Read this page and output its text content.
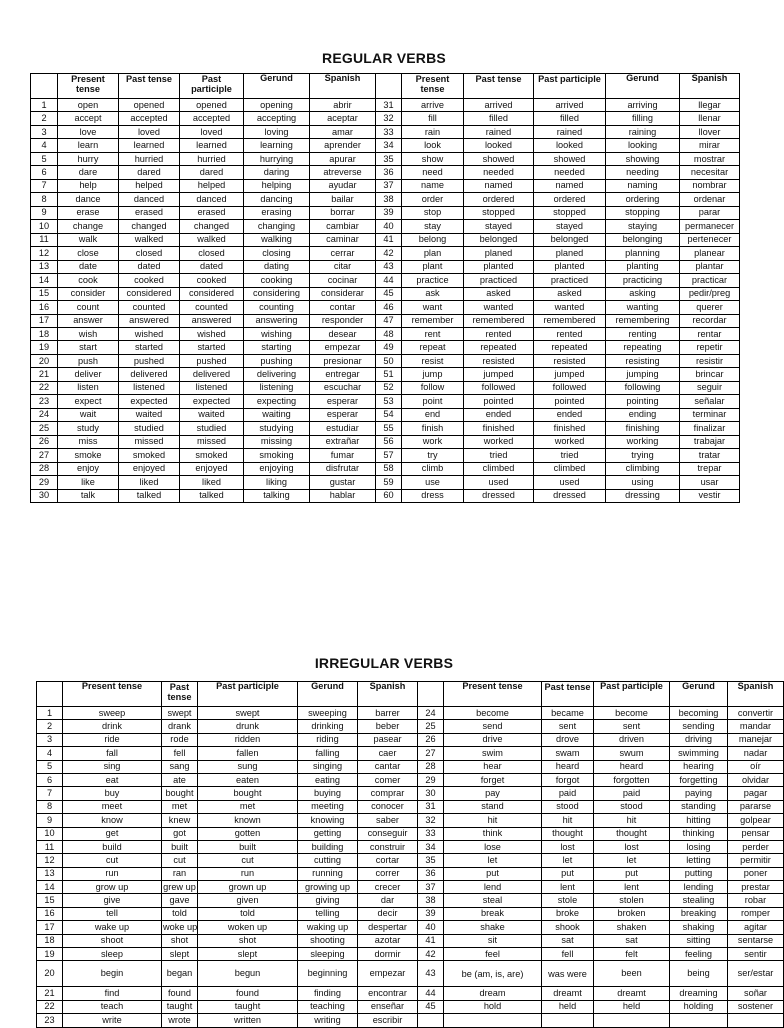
REGULAR VERBS
	Present tense	Past tense	Past participle	Gerund	Spanish		Present tense	Past tense	Past participle	Gerund	Spanish
1	open	opened	opened	opening	abrir	31	arrive	arrived	arrived	arriving	llegar
2	accept	accepted	accepted	accepting	aceptar	32	fill	filled	filled	filling	llenar
3	love	loved	loved	loving	amar	33	rain	rained	rained	raining	llover
4	learn	learned	learned	learning	aprender	34	look	looked	looked	looking	mirar
5	hurry	hurried	hurried	hurrying	apurar	35	show	showed	showed	showing	mostrar
6	dare	dared	dared	daring	atreverse	36	need	needed	needed	needing	necesitar
7	help	helped	helped	helping	ayudar	37	name	named	named	naming	nombrar
8	dance	danced	danced	dancing	bailar	38	order	ordered	ordered	ordering	ordenar
9	erase	erased	erased	erasing	borrar	39	stop	stopped	stopped	stopping	parar
10	change	changed	changed	changing	cambiar	40	stay	stayed	stayed	staying	permanecer
11	walk	walked	walked	walking	caminar	41	belong	belonged	belonged	belonging	pertenecer
12	close	closed	closed	closing	cerrar	42	plan	planed	planed	planning	planear
13	date	dated	dated	dating	citar	43	plant	planted	planted	planting	plantar
14	cook	cooked	cooked	cooking	cocinar	44	practice	practiced	practiced	practicing	practicar
15	consider	considered	considered	considering	considerar	45	ask	asked	asked	asking	pedir/preg
16	count	counted	counted	counting	contar	46	want	wanted	wanted	wanting	querer
17	answer	answered	answered	answering	responder	47	remember	remembered	remembered	remembering	recordar
18	wish	wished	wished	wishing	desear	48	rent	rented	rented	renting	rentar
19	start	started	started	starting	empezar	49	repeat	repeated	repeated	repeating	repetir
20	push	pushed	pushed	pushing	presionar	50	resist	resisted	resisted	resisting	resistir
21	deliver	delivered	delivered	delivering	entregar	51	jump	jumped	jumped	jumping	brincar
22	listen	listened	listened	listening	escuchar	52	follow	followed	followed	following	seguir
23	expect	expected	expected	expecting	esperar	53	point	pointed	pointed	pointing	señalar
24	wait	waited	waited	waiting	esperar	54	end	ended	ended	ending	terminar
25	study	studied	studied	studying	estudiar	55	finish	finished	finished	finishing	finalizar
26	miss	missed	missed	missing	extrañar	56	work	worked	worked	working	trabajar
27	smoke	smoked	smoked	smoking	fumar	57	try	tried	tried	trying	tratar
28	enjoy	enjoyed	enjoyed	enjoying	disfrutar	58	climb	climbed	climbed	climbing	trepar
29	like	liked	liked	liking	gustar	59	use	used	used	using	usar
30	talk	talked	talked	talking	hablar	60	dress	dressed	dressed	dressing	vestir
IRREGULAR VERBS
	Present tense	Past tense	Past participle	Gerund	Spanish		Present tense	Past tense	Past participle	Gerund	Spanish
1	sweep	swept	swept	sweeping	barrer	24	become	became	become	becoming	convertir
2	drink	drank	drunk	drinking	beber	25	send	sent	sent	sending	mandar
3	ride	rode	ridden	riding	pasear	26	drive	drove	driven	driving	manejar
4	fall	fell	fallen	falling	caer	27	swim	swam	swum	swimming	nadar
5	sing	sang	sung	singing	cantar	28	hear	heard	heard	hearing	oír
6	eat	ate	eaten	eating	comer	29	forget	forgot	forgotten	forgetting	olvidar
7	buy	bought	bought	buying	comprar	30	pay	paid	paid	paying	pagar
8	meet	met	met	meeting	conocer	31	stand	stood	stood	standing	pararse
9	know	knew	known	knowing	saber	32	hit	hit	hit	hitting	golpear
10	get	got	gotten	getting	conseguir	33	think	thought	thought	thinking	pensar
11	build	built	built	building	construir	34	lose	lost	lost	losing	perder
12	cut	cut	cut	cutting	cortar	35	let	let	let	letting	permitir
13	run	ran	run	running	correr	36	put	put	put	putting	poner
14	grow up	grew up	grown up	growing up	crecer	37	lend	lent	lent	lending	prestar
15	give	gave	given	giving	dar	38	steal	stole	stolen	stealing	robar
16	tell	told	told	telling	decir	39	break	broke	broken	breaking	romper
17	wake up	woke up	woken up	waking up	despertar	40	shake	shook	shaken	shaking	agitar
18	shoot	shot	shot	shooting	azotar	41	sit	sat	sat	sitting	sentarse
19	sleep	slept	slept	sleeping	dormir	42	feel	fell	felt	feeling	sentir
20	begin	began	begun	beginning	empezar	43	be (am, is, are)	was were	been	being	ser/estar
21	find	found	found	finding	encontrar	44	dream	dreamt	dreamt	dreaming	soñar
22	teach	taught	taught	teaching	enseñar	45	hold	held	held	holding	sostener
23	write	wrote	written	writing	escribir						
